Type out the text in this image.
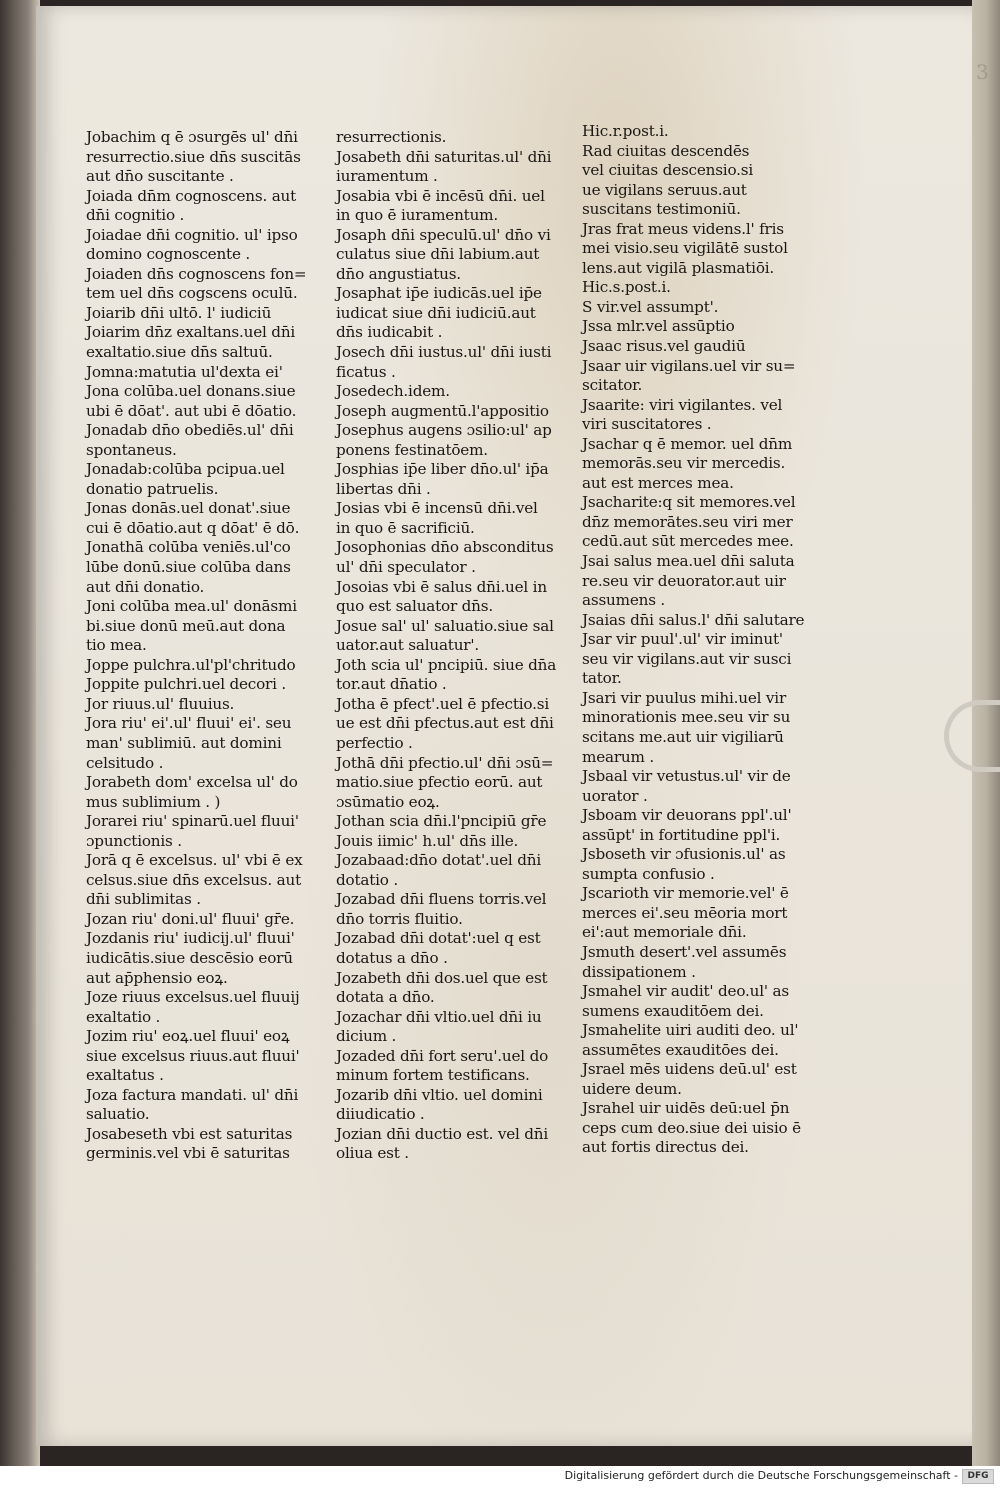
3
Jobachim q ē ɔsurgēs ul' dn̄i
resurrectio.siue dn̄s suscitās
aut dn̄o suscitante .
Joiada dn̄m cognoscens. aut
dn̄i cognitio .
Joiadae dn̄i cognitio. ul' ipso
domino cognoscente .
Joiaden dn̄s cognoscens fon=
tem uel dn̄s cogscens oculū.
Joiarib dn̄i ultō. l' iudiciū
Joiarim dn̄z exaltans.uel dn̄i
exaltatio.siue dn̄s saltuū.
Jomna:matutia ul'dexta ei'
Jona colūba.uel donans.siue
ubi ē dōat'. aut ubi ē dōatio.
Jonadab dn̄o obediēs.ul' dn̄i
spontaneus.
Jonadab:colūba pcipua.uel
donatio patruelis.
Jonas donās.uel donat'.siue
cui ē dōatio.aut q dōat' ē dō.
Jonathā colūba veniēs.ul'co
lūbe donū.siue colūba dans
aut dn̄i donatio.
Joni colūba mea.ul' donāsmi
bi.siue donū meū.aut dona
tio mea.
Joppe pulchra.ul'pl'chritudo
Joppite pulchri.uel decori .
Jor riuus.ul' fluuius.
Jora riu' ei'.ul' fluui' ei'. seu
man' sublimiū. aut domini
celsitudo .
Jorabeth dom' excelsa ul' do
mus sublimium . )
Jorarei riu' spinarū.uel fluui'
ɔpunctionis .
Jorā q ē excelsus. ul' vbi ē ex
celsus.siue dn̄s excelsus. aut
dn̄i sublimitas .
Jozan riu' doni.ul' fluui' gr̄e.
Jozdanis riu' iudicij.ul' fluui'
iudicātis.siue descēsio eorū
aut ap̄phensio eoꝝ.
Joze riuus excelsus.uel fluuij
exaltatio .
Jozim riu' eoꝝ.uel fluui' eoꝝ
siue excelsus riuus.aut fluui'
exaltatus .
Joza factura mandati. ul' dn̄i
saluatio.
Josabeseth vbi est saturitas
germinis.vel vbi ē saturitas
resurrectionis.
Josabeth dn̄i saturitas.ul' dn̄i
iuramentum .
Josabia vbi ē incēsū dn̄i. uel
in quo ē iuramentum.
Josaph dn̄i speculū.ul' dn̄o vi
culatus siue dn̄i labium.aut
dn̄o angustiatus.
Josaphat ip̄e iudicās.uel ip̄e
iudicat siue dn̄i iudiciū.aut
dn̄s iudicabit .
Josech dn̄i iustus.ul' dn̄i iusti
ficatus .
Josedech.idem.
Joseph augmentū.l'appositio
Josephus augens ɔsilio:ul' ap
ponens festinatōem.
Josphias ip̄e liber dn̄o.ul' ip̄a
libertas dn̄i .
Josias vbi ē incensū dn̄i.vel
in quo ē sacrificiū.
Josophonias dn̄o absconditus
ul' dn̄i speculator .
Josoias vbi ē salus dn̄i.uel in
quo est saluator dn̄s.
Josue sal' ul' saluatio.siue sal
uator.aut saluatur'.
Joth scia ul' pncipiū. siue dn̄a
tor.aut dn̄atio .
Jotha ē pfect'.uel ē pfectio.si
ue est dn̄i pfectus.aut est dn̄i
perfectio .
Jothā dn̄i pfectio.ul' dn̄i ɔsū=
matio.siue pfectio eorū. aut
ɔsūmatio eoꝝ.
Jothan scia dn̄i.l'pncipiū gr̄e
Jouis iimic' h.ul' dn̄s ille.
Jozabaad:dn̄o dotat'.uel dn̄i
dotatio .
Jozabad dn̄i fluens torris.vel
dn̄o torris fluitio.
Jozabad dn̄i dotat':uel q est
dotatus a dn̄o .
Jozabeth dn̄i dos.uel que est
dotata a dn̄o.
Jozachar dn̄i vltio.uel dn̄i iu
dicium .
Jozaded dn̄i fort seru'.uel do
minum fortem testificans.
Jozarib dn̄i vltio. uel domini
diiudicatio .
Jozian dn̄i ductio est. vel dn̄i
oliua est .
Hic.r.post.i.
Rad ciuitas descendēs
vel ciuitas descensio.si
ue vigilans seruus.aut
suscitans testimoniū.
Jras frat meus videns.l' fris
mei visio.seu vigilātē sustol
lens.aut vigilā plasmatiōi.
Hic.s.post.i.
S vir.vel assumpt'.
Jssa mlr.vel assūptio
Jsaac risus.vel gaudiū
Jsaar uir vigilans.uel vir su=
scitator.
Jsaarite: viri vigilantes. vel
viri suscitatores .
Jsachar q ē memor. uel dn̄m
memorās.seu vir mercedis.
aut est merces mea.
Jsacharite:q sit memores.vel
dn̄z memorātes.seu viri mer
cedū.aut sūt mercedes mee.
Jsai salus mea.uel dn̄i saluta
re.seu vir deuorator.aut uir
assumens .
Jsaias dn̄i salus.l' dn̄i salutare
Jsar vir puul'.ul' vir iminut'
seu vir vigilans.aut vir susci
tator.
Jsari vir puulus mihi.uel vir
minorationis mee.seu vir su
scitans me.aut uir vigiliarū
mearum .
Jsbaal vir vetustus.ul' vir de
uorator .
Jsboam vir deuorans ppl'.ul'
assūpt' in fortitudine ppl'i.
Jsboseth vir ɔfusionis.ul' as
sumpta confusio .
Jscarioth vir memorie.vel' ē
merces ei'.seu mēoria mort
ei':aut memoriale dn̄i.
Jsmuth desert'.vel assumēs
dissipationem .
Jsmahel vir audit' deo.ul' as
sumens exauditōem dei.
Jsmahelite uiri auditi deo. ul'
assumētes exauditōes dei.
Jsrael mēs uidens deū.ul' est
uidere deum.
Jsrahel uir uidēs deū:uel p̄n
ceps cum deo.siue dei uisio ē
aut fortis directus dei.
Digitalisierung gefördert durch die Deutsche Forschungsgemeinschaft -	DFG
